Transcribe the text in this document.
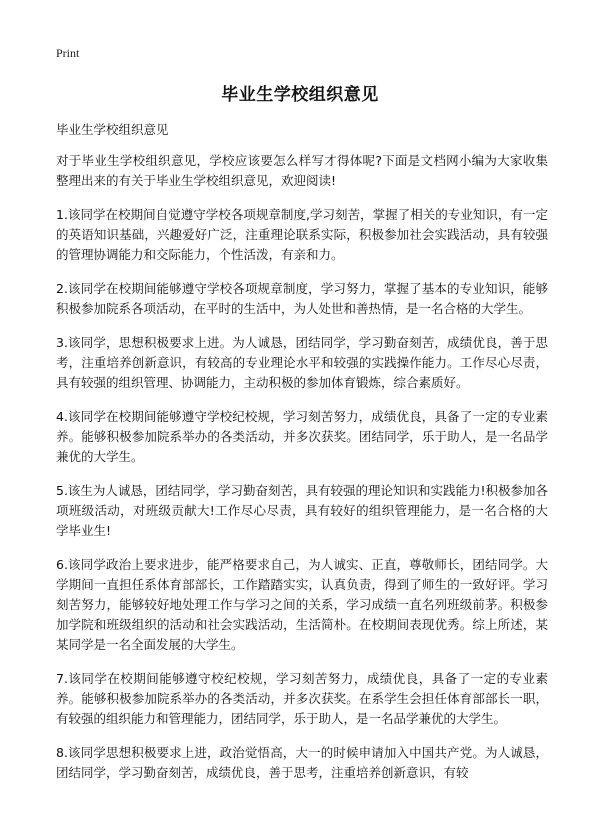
Print
毕业生学校组织意见

毕业生学校组织意见

对于毕业生学校组织意见，学校应该要怎么样写才得体呢?下面是文档网小编为大家收集整理出来的有关于毕业生学校组织意见，欢迎阅读!

1.该同学在校期间自觉遵守学校各项规章制度,学习刻苦，掌握了相关的专业知识，有一定的英语知识基础，兴趣爱好广泛，注重理论联系实际，积极参加社会实践活动，具有较强的管理协调能力和交际能力，个性活泼，有亲和力。

2.该同学在校期间能够遵守学校各项规章制度，学习努力，掌握了基本的专业知识，能够积极参加院系各项活动，在平时的生活中，为人处世和善热情，是一名合格的大学生。

3.该同学，思想积极要求上进。为人诚恳，团结同学，学习勤奋刻苦，成绩优良，善于思考，注重培养创新意识，有较高的专业理论水平和较强的实践操作能力。工作尽心尽责，具有较强的组织管理、协调能力，主动积极的参加体育锻炼，综合素质好。

4.该同学在校期间能够遵守学校纪校规，学习刻苦努力，成绩优良，具备了一定的专业素养。能够积极参加院系举办的各类活动，并多次获奖。团结同学，乐于助人，是一名品学兼优的大学生。

5.该生为人诚恳，团结同学，学习勤奋刻苦，具有较强的理论知识和实践能力!积极参加各项班级活动，对班级贡献大!工作尽心尽责，具有较好的组织管理能力，是一名合格的大学毕业生!

6.该同学政治上要求进步，能严格要求自己，为人诚实、正直，尊敬师长，团结同学。大学期间一直担任系体育部部长，工作踏踏实实，认真负责，得到了师生的一致好评。学习刻苦努力，能够较好地处理工作与学习之间的关系，学习成绩一直名列班级前茅。积极参加学院和班级组织的活动和社会实践活动，生活简朴。在校期间表现优秀。综上所述，某某同学是一名全面发展的大学生。

7.该同学在校期间能够遵守校纪校规，学习刻苦努力，成绩优良，具备了一定的专业素养。能够积极参加院系举办的各类活动，并多次获奖。在系学生会担任体育部部长一职，有较强的组织能力和管理能力，团结同学，乐于助人，是一名品学兼优的大学生。

8.该同学思想积极要求上进，政治觉悟高，大一的时候申请加入中国共产党。为人诚恳，团结同学，学习勤奋刻苦，成绩优良，善于思考，注重培养创新意识，有较
